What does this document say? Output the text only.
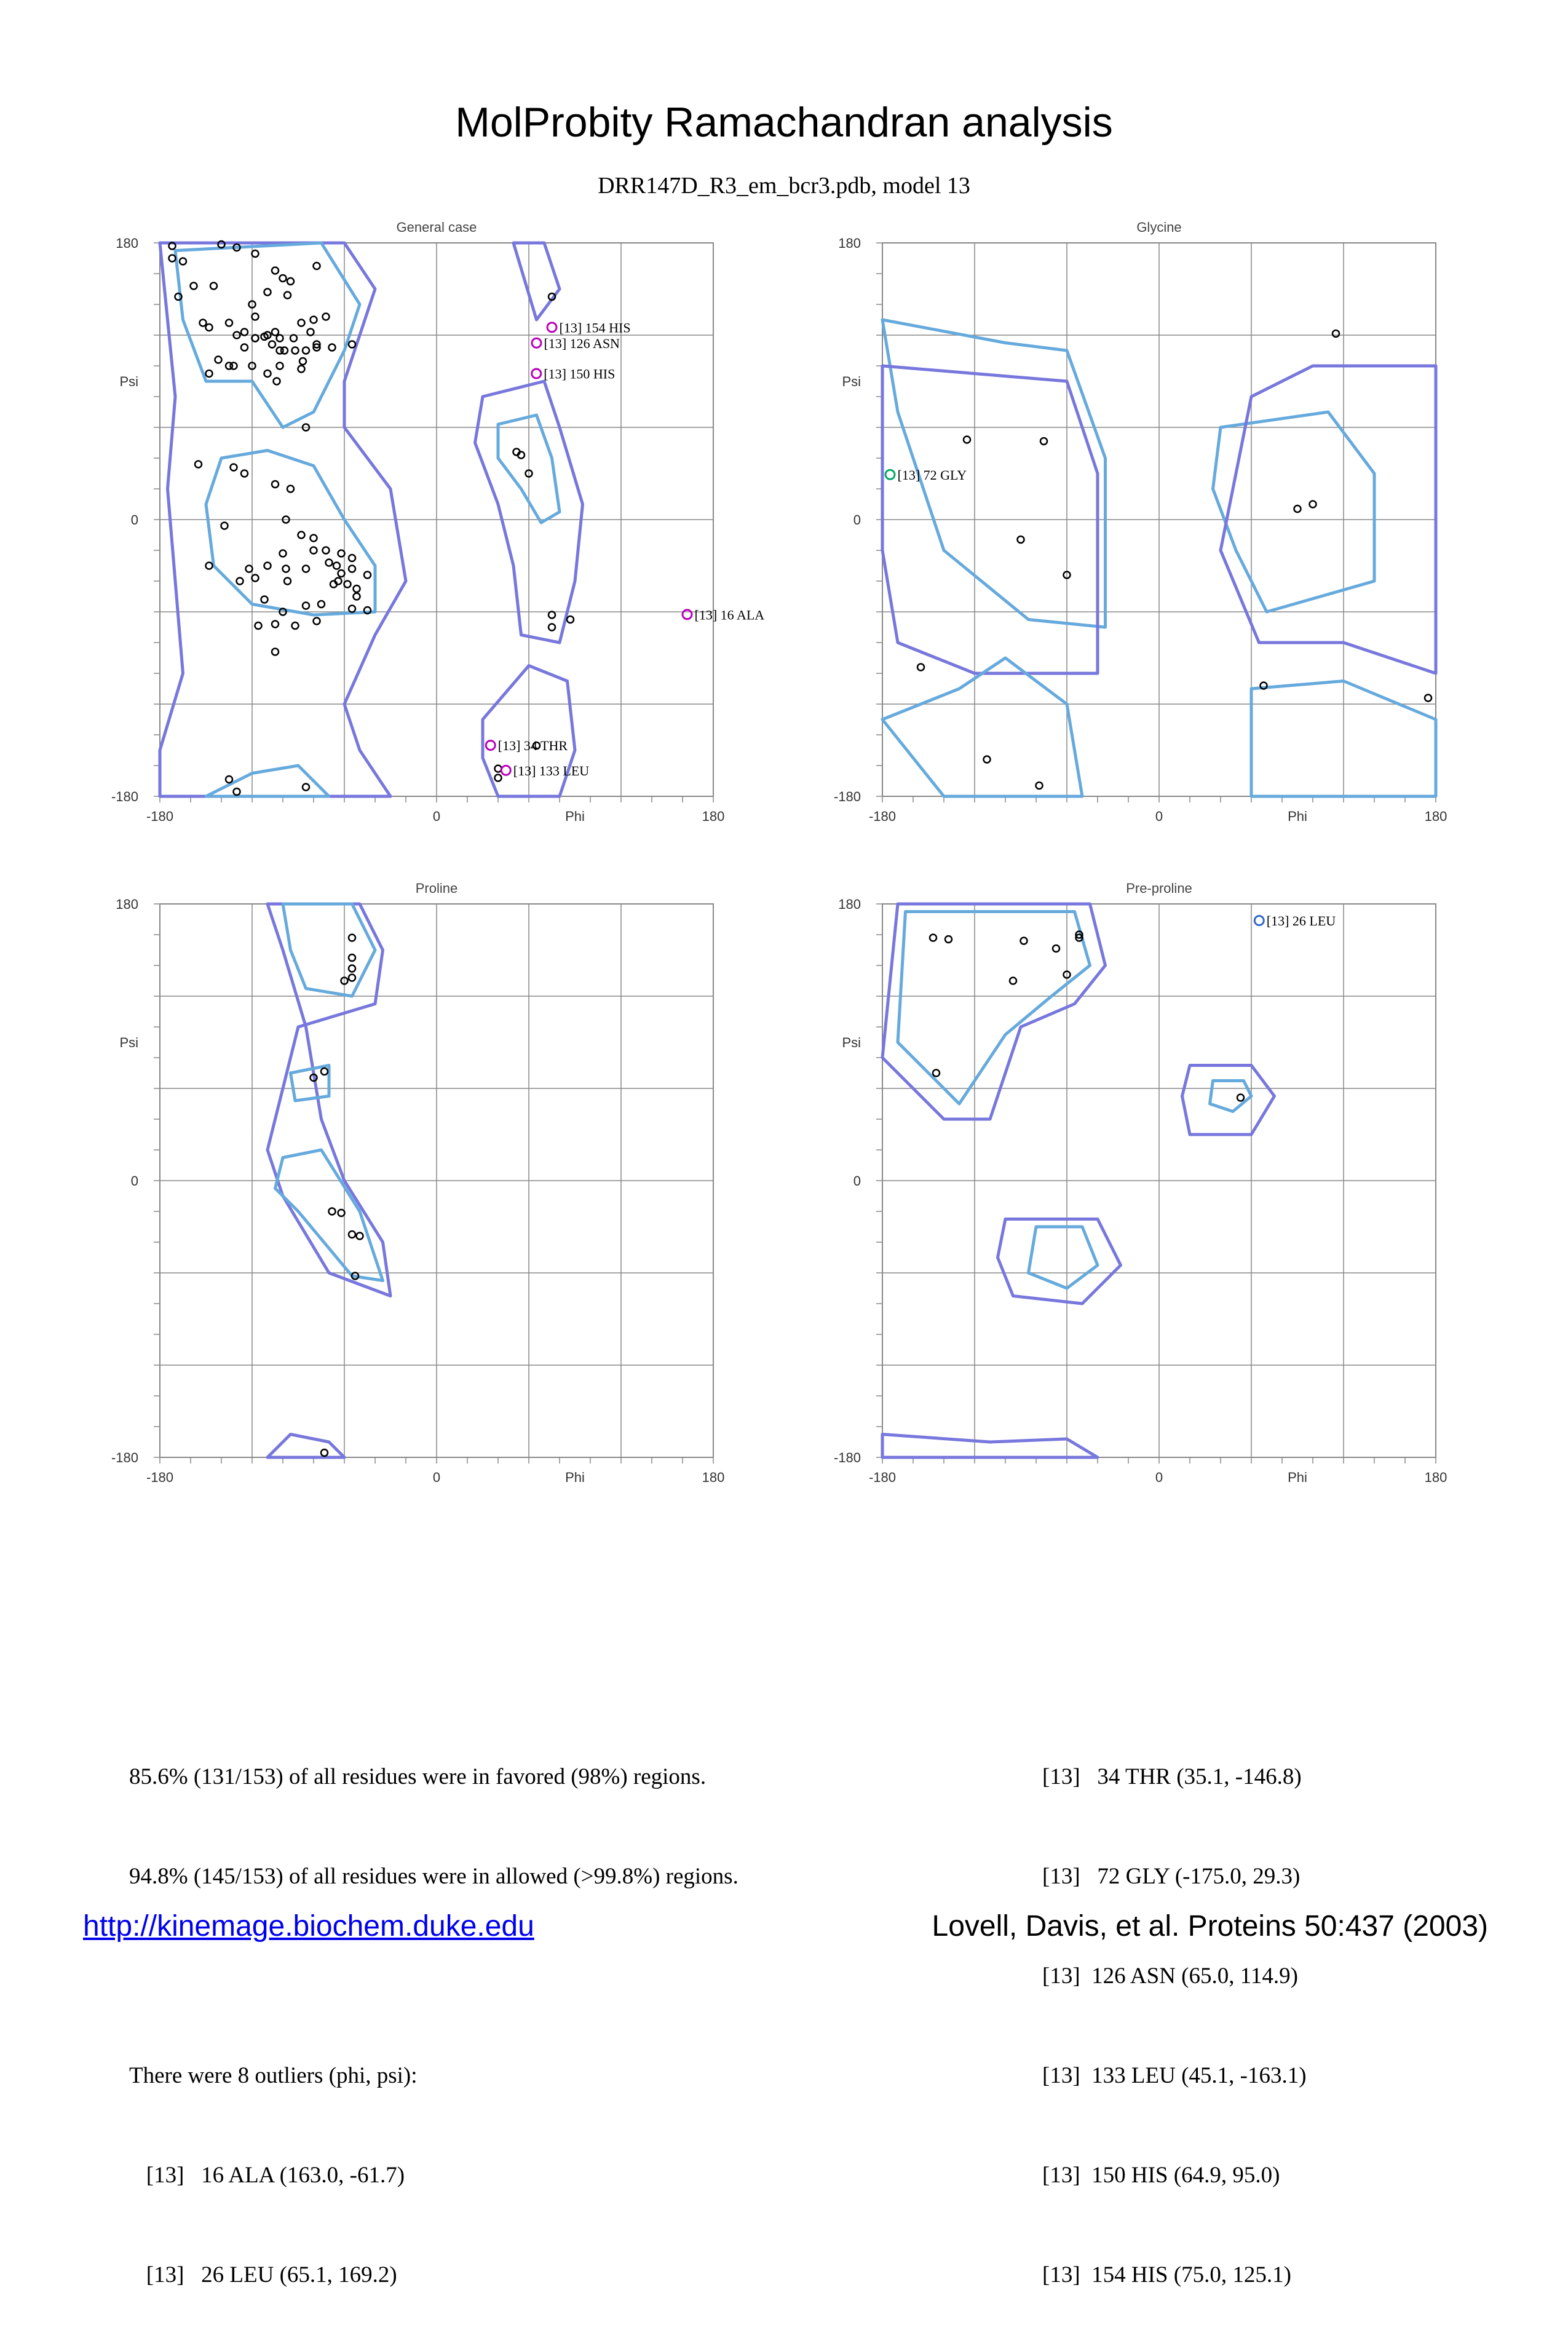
MolProbity Ramachandran analysis
DRR147D_R3_em_bcr3.pdb, model 13
General case
-180	0	180
Phi
180
0
-180
Psi
[13] 154 HIS
[13] 126 ASN
[13] 150 HIS
[13] 16 ALA
[13] 34 THR
[13] 133 LEU
Glycine
-180	0	180
Phi
180
0
-180
Psi
[13] 72 GLY
Proline
-180	0	180
Phi
180
0
-180
Psi
Pre-proline
-180	0	180
Phi
180
0
-180
Psi
[13] 26 LEU

85.6% (131/153) of all residues were in favored (98%) regions.

94.8% (145/153) of all residues were in allowed (>99.8%) regions.

There were 8 outliers (phi, psi):

[13]   16 ALA (163.0, -61.7)

[13]   26 LEU (65.1, 169.2)

[13]   34 THR (35.1, -146.8)

[13]   72 GLY (-175.0, 29.3)

[13]  126 ASN (65.0, 114.9)

[13]  133 LEU (45.1, -163.1)

[13]  150 HIS (64.9, 95.0)

[13]  154 HIS (75.0, 125.1)

http://kinemage.biochem.duke.edu	Lovell, Davis, et al. Proteins 50:437 (2003)
